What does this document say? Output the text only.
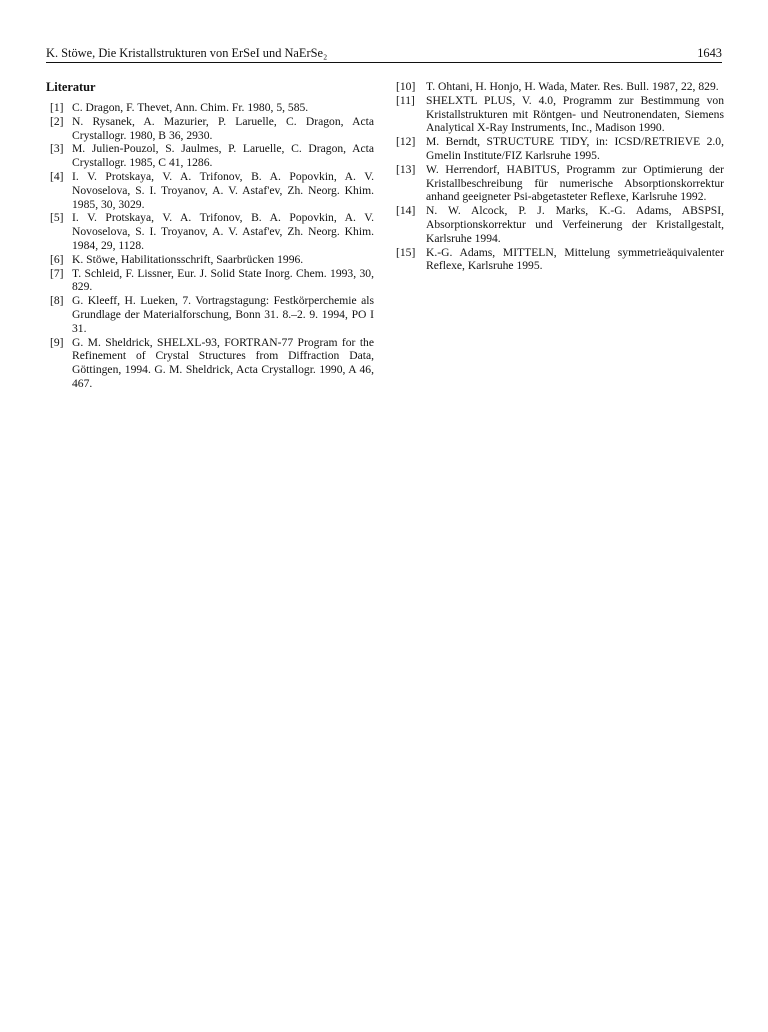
K. Stöwe, Die Kristallstrukturen von ErSeI und NaErSe₂	1643
Literatur
[1] C. Dragon, F. Thevet, Ann. Chim. Fr. 1980, 5, 585.
[2] N. Rysanek, A. Mazurier, P. Laruelle, C. Dragon, Acta Crystallogr. 1980, B 36, 2930.
[3] M. Julien-Pouzol, S. Jaulmes, P. Laruelle, C. Dragon, Acta Crystallogr. 1985, C 41, 1286.
[4] I. V. Protskaya, V. A. Trifonov, B. A. Popovkin, A. V. Novoselova, S. I. Troyanov, A. V. Astaf'ev, Zh. Neorg. Khim. 1985, 30, 3029.
[5] I. V. Protskaya, V. A. Trifonov, B. A. Popovkin, A. V. Novoselova, S. I. Troyanov, A. V. Astaf'ev, Zh. Neorg. Khim. 1984, 29, 1128.
[6] K. Stöwe, Habilitationsschrift, Saarbrücken 1996.
[7] T. Schleid, F. Lissner, Eur. J. Solid State Inorg. Chem. 1993, 30, 829.
[8] G. Kleeff, H. Lueken, 7. Vortragstagung: Festkörperchemie als Grundlage der Materialforschung, Bonn 31. 8.–2. 9. 1994, PO I 31.
[9] G. M. Sheldrick, SHELXL-93, FORTRAN-77 Program for the Refinement of Crystal Structures from Diffraction Data, Göttingen, 1994. G. M. Sheldrick, Acta Crystallogr. 1990, A 46, 467.
[10] T. Ohtani, H. Honjo, H. Wada, Mater. Res. Bull. 1987, 22, 829.
[11] SHELXTL PLUS, V. 4.0, Programm zur Bestimmung von Kristallstrukturen mit Röntgen- und Neutronendaten, Siemens Analytical X-Ray Instruments, Inc., Madison 1990.
[12] M. Berndt, STRUCTURE TIDY, in: ICSD/RETRIEVE 2.0, Gmelin Institute/FIZ Karlsruhe 1995.
[13] W. Herrendorf, HABITUS, Programm zur Optimierung der Kristallbeschreibung für numerische Absorptionskorrektur anhand geeigneter Psi-abgetasteter Reflexe, Karlsruhe 1992.
[14] N. W. Alcock, P. J. Marks, K.-G. Adams, ABSPSI, Absorptionskorrektur und Verfeinerung der Kristallgestalt, Karlsruhe 1994.
[15] K.-G. Adams, MITTELN, Mittelung symmetrieäquivalenter Reflexe, Karlsruhe 1995.
